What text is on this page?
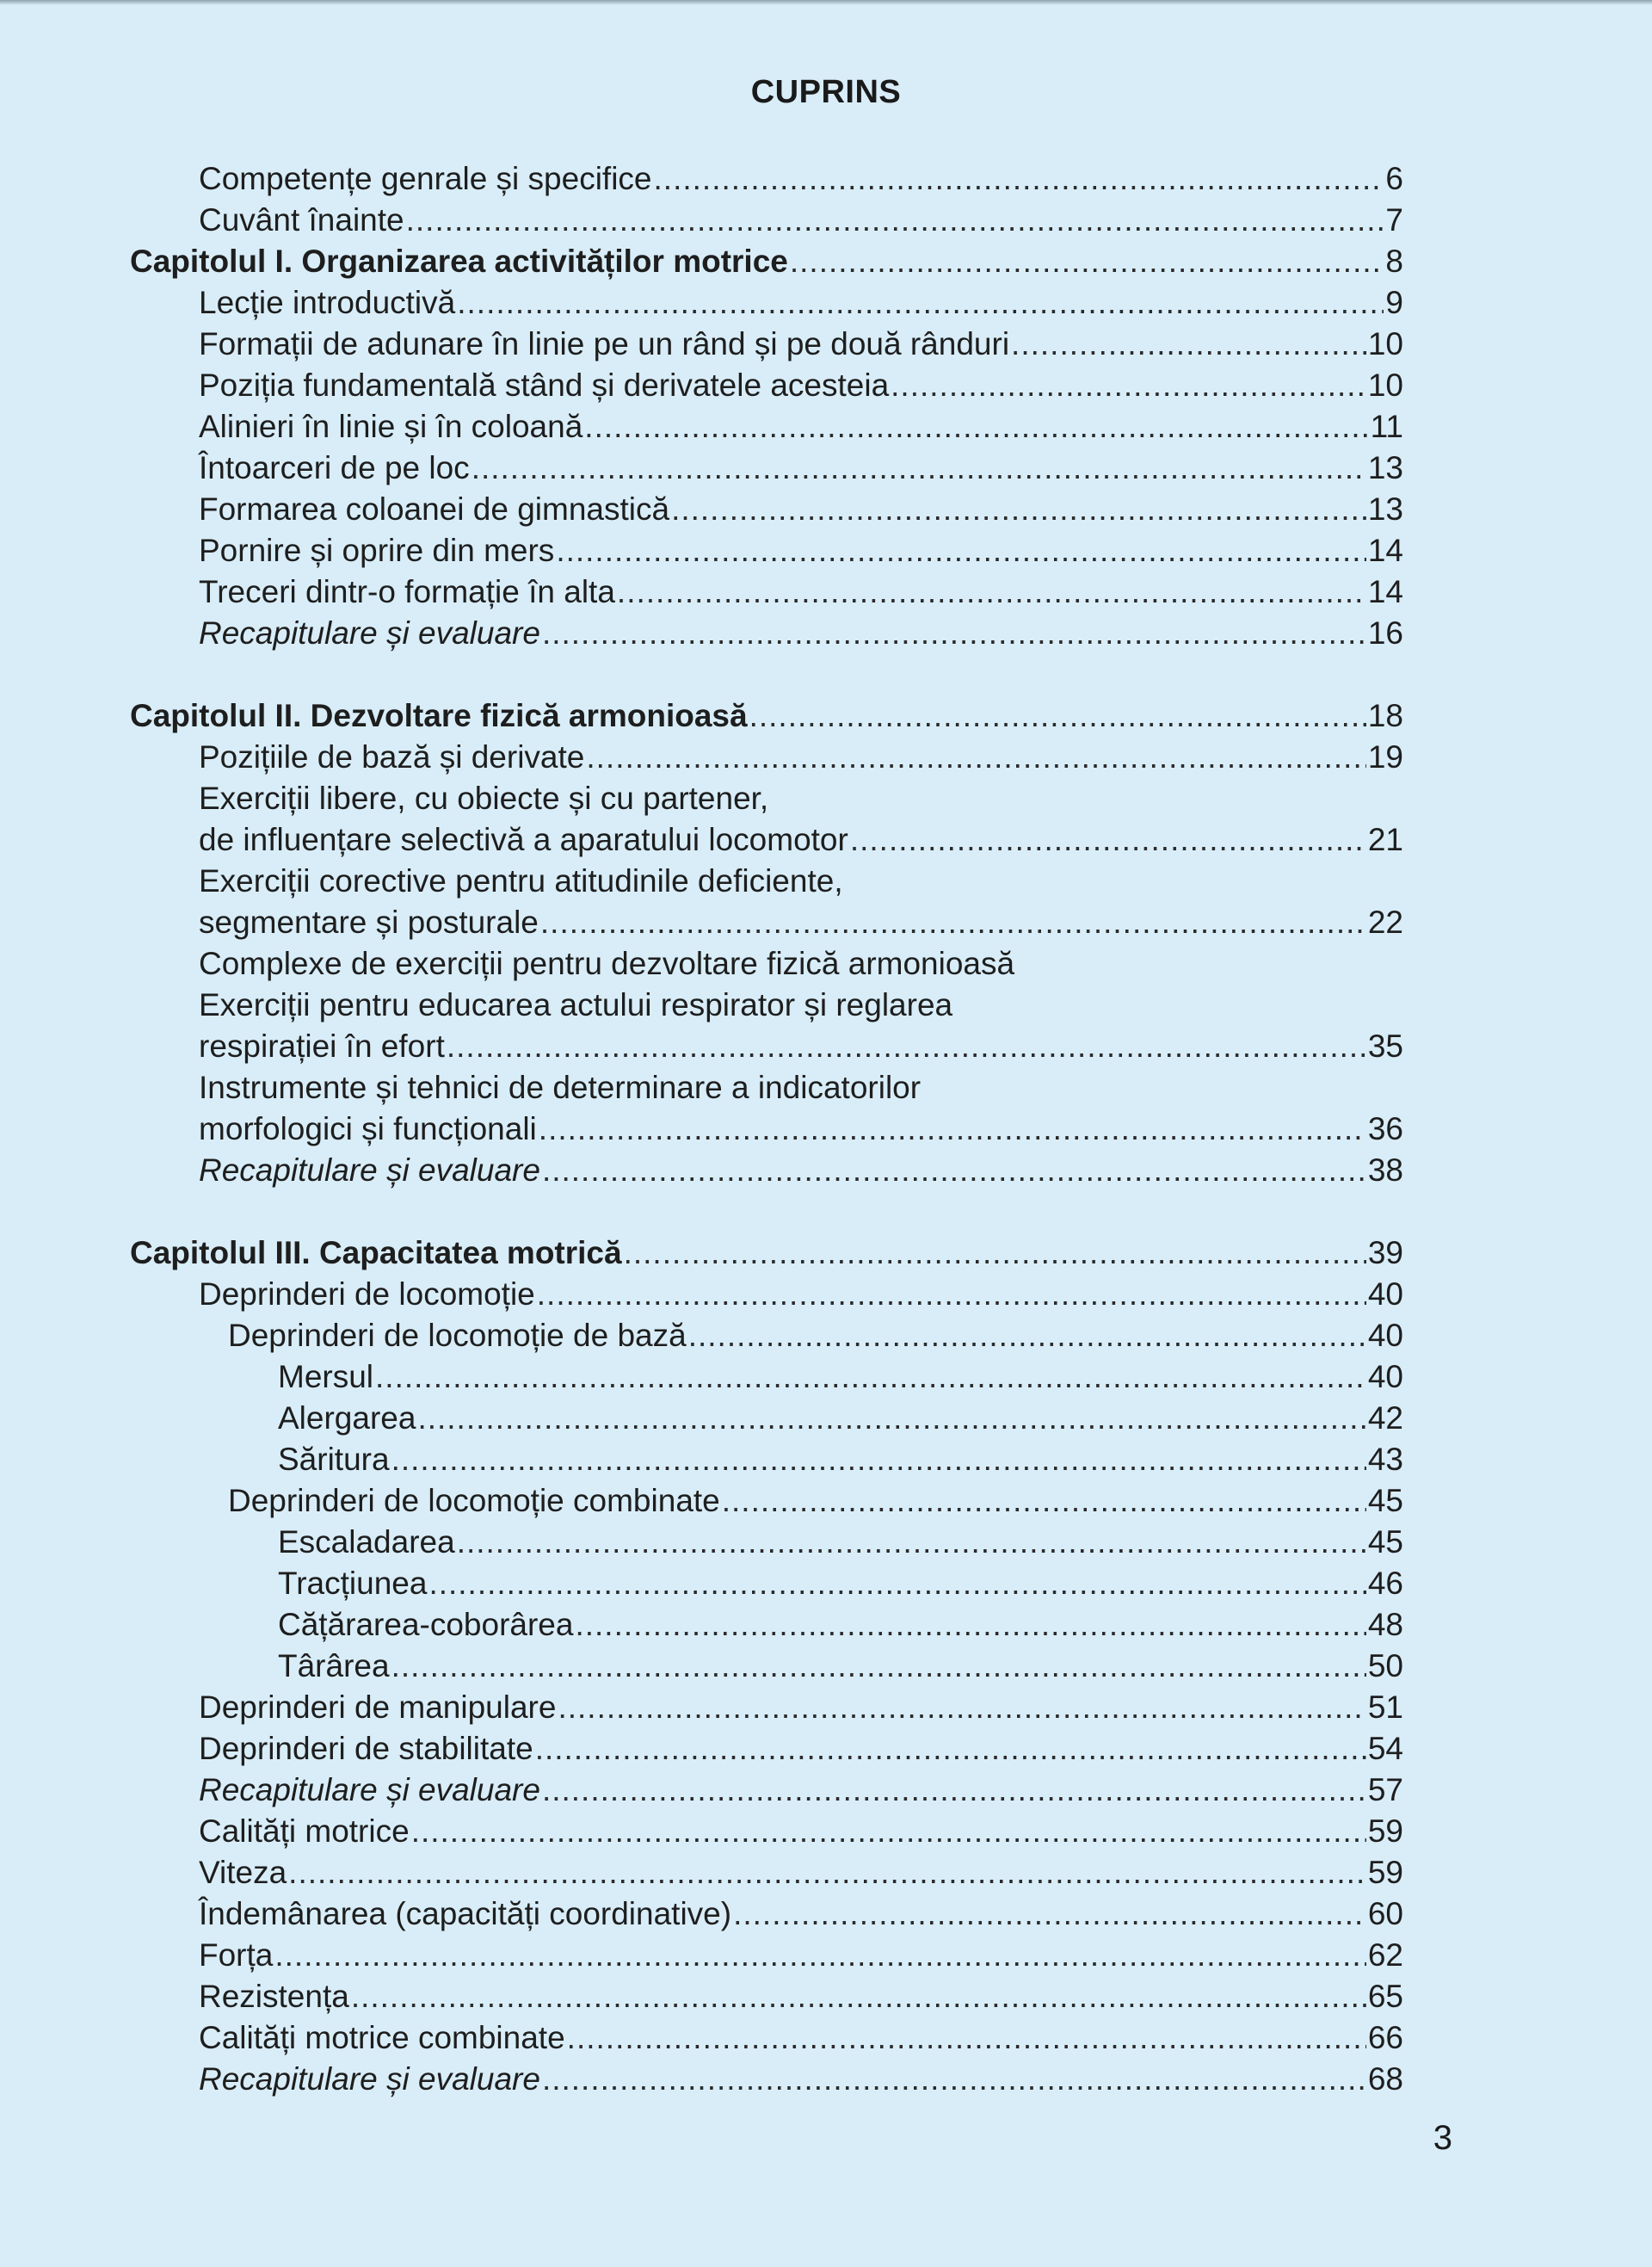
CUPRINS
Competențe genrale și specifice .....	6
Cuvânt înainte .....	7
Capitolul I. Organizarea activităților motrice .....	8
Lecție introductivă .....	9
Formații de adunare în linie pe un rând și pe două rânduri .....	10
Poziția fundamentală stând și derivatele acesteia .....	10
Alinieri în linie și în coloană .....	11
Întoarceri de pe loc .....	13
Formarea coloanei de gimnastică .....	13
Pornire și oprire din mers .....	14
Treceri dintr-o formație în alta .....	14
Recapitulare și evaluare .....	16
Capitolul II. Dezvoltare fizică armonioasă .....	18
Pozițiile de bază și derivate .....	19
Exerciții libere, cu obiecte și cu partener,
de influențare selectivă a aparatului locomotor .....	21
Exerciții corective pentru atitudinile deficiente,
segmentare și posturale .....	22
Complexe de exerciții pentru dezvoltare fizică armonioasă
Exerciții pentru educarea actului respirator și reglarea
respirației în efort .....	35
Instrumente și tehnici de determinare a indicatorilor
morfologici și funcționali .....	36
Recapitulare și evaluare .....	38
Capitolul III. Capacitatea motrică .....	39
Deprinderi de locomoție .....	40
Deprinderi de locomoție de bază .....	40
Mersul .....	40
Alergarea .....	42
Săritura .....	43
Deprinderi de locomoție combinate .....	45
Escaladarea .....	45
Tracțiunea .....	46
Cățărarea-coborârea .....	48
Târârea .....	50
Deprinderi de manipulare .....	51
Deprinderi de stabilitate .....	54
Recapitulare și evaluare .....	57
Calități motrice .....	59
Viteza .....	59
Îndemânarea (capacități coordinative) .....	60
Forța .....	62
Rezistența .....	65
Calități motrice combinate .....	66
Recapitulare și evaluare .....	68
3
